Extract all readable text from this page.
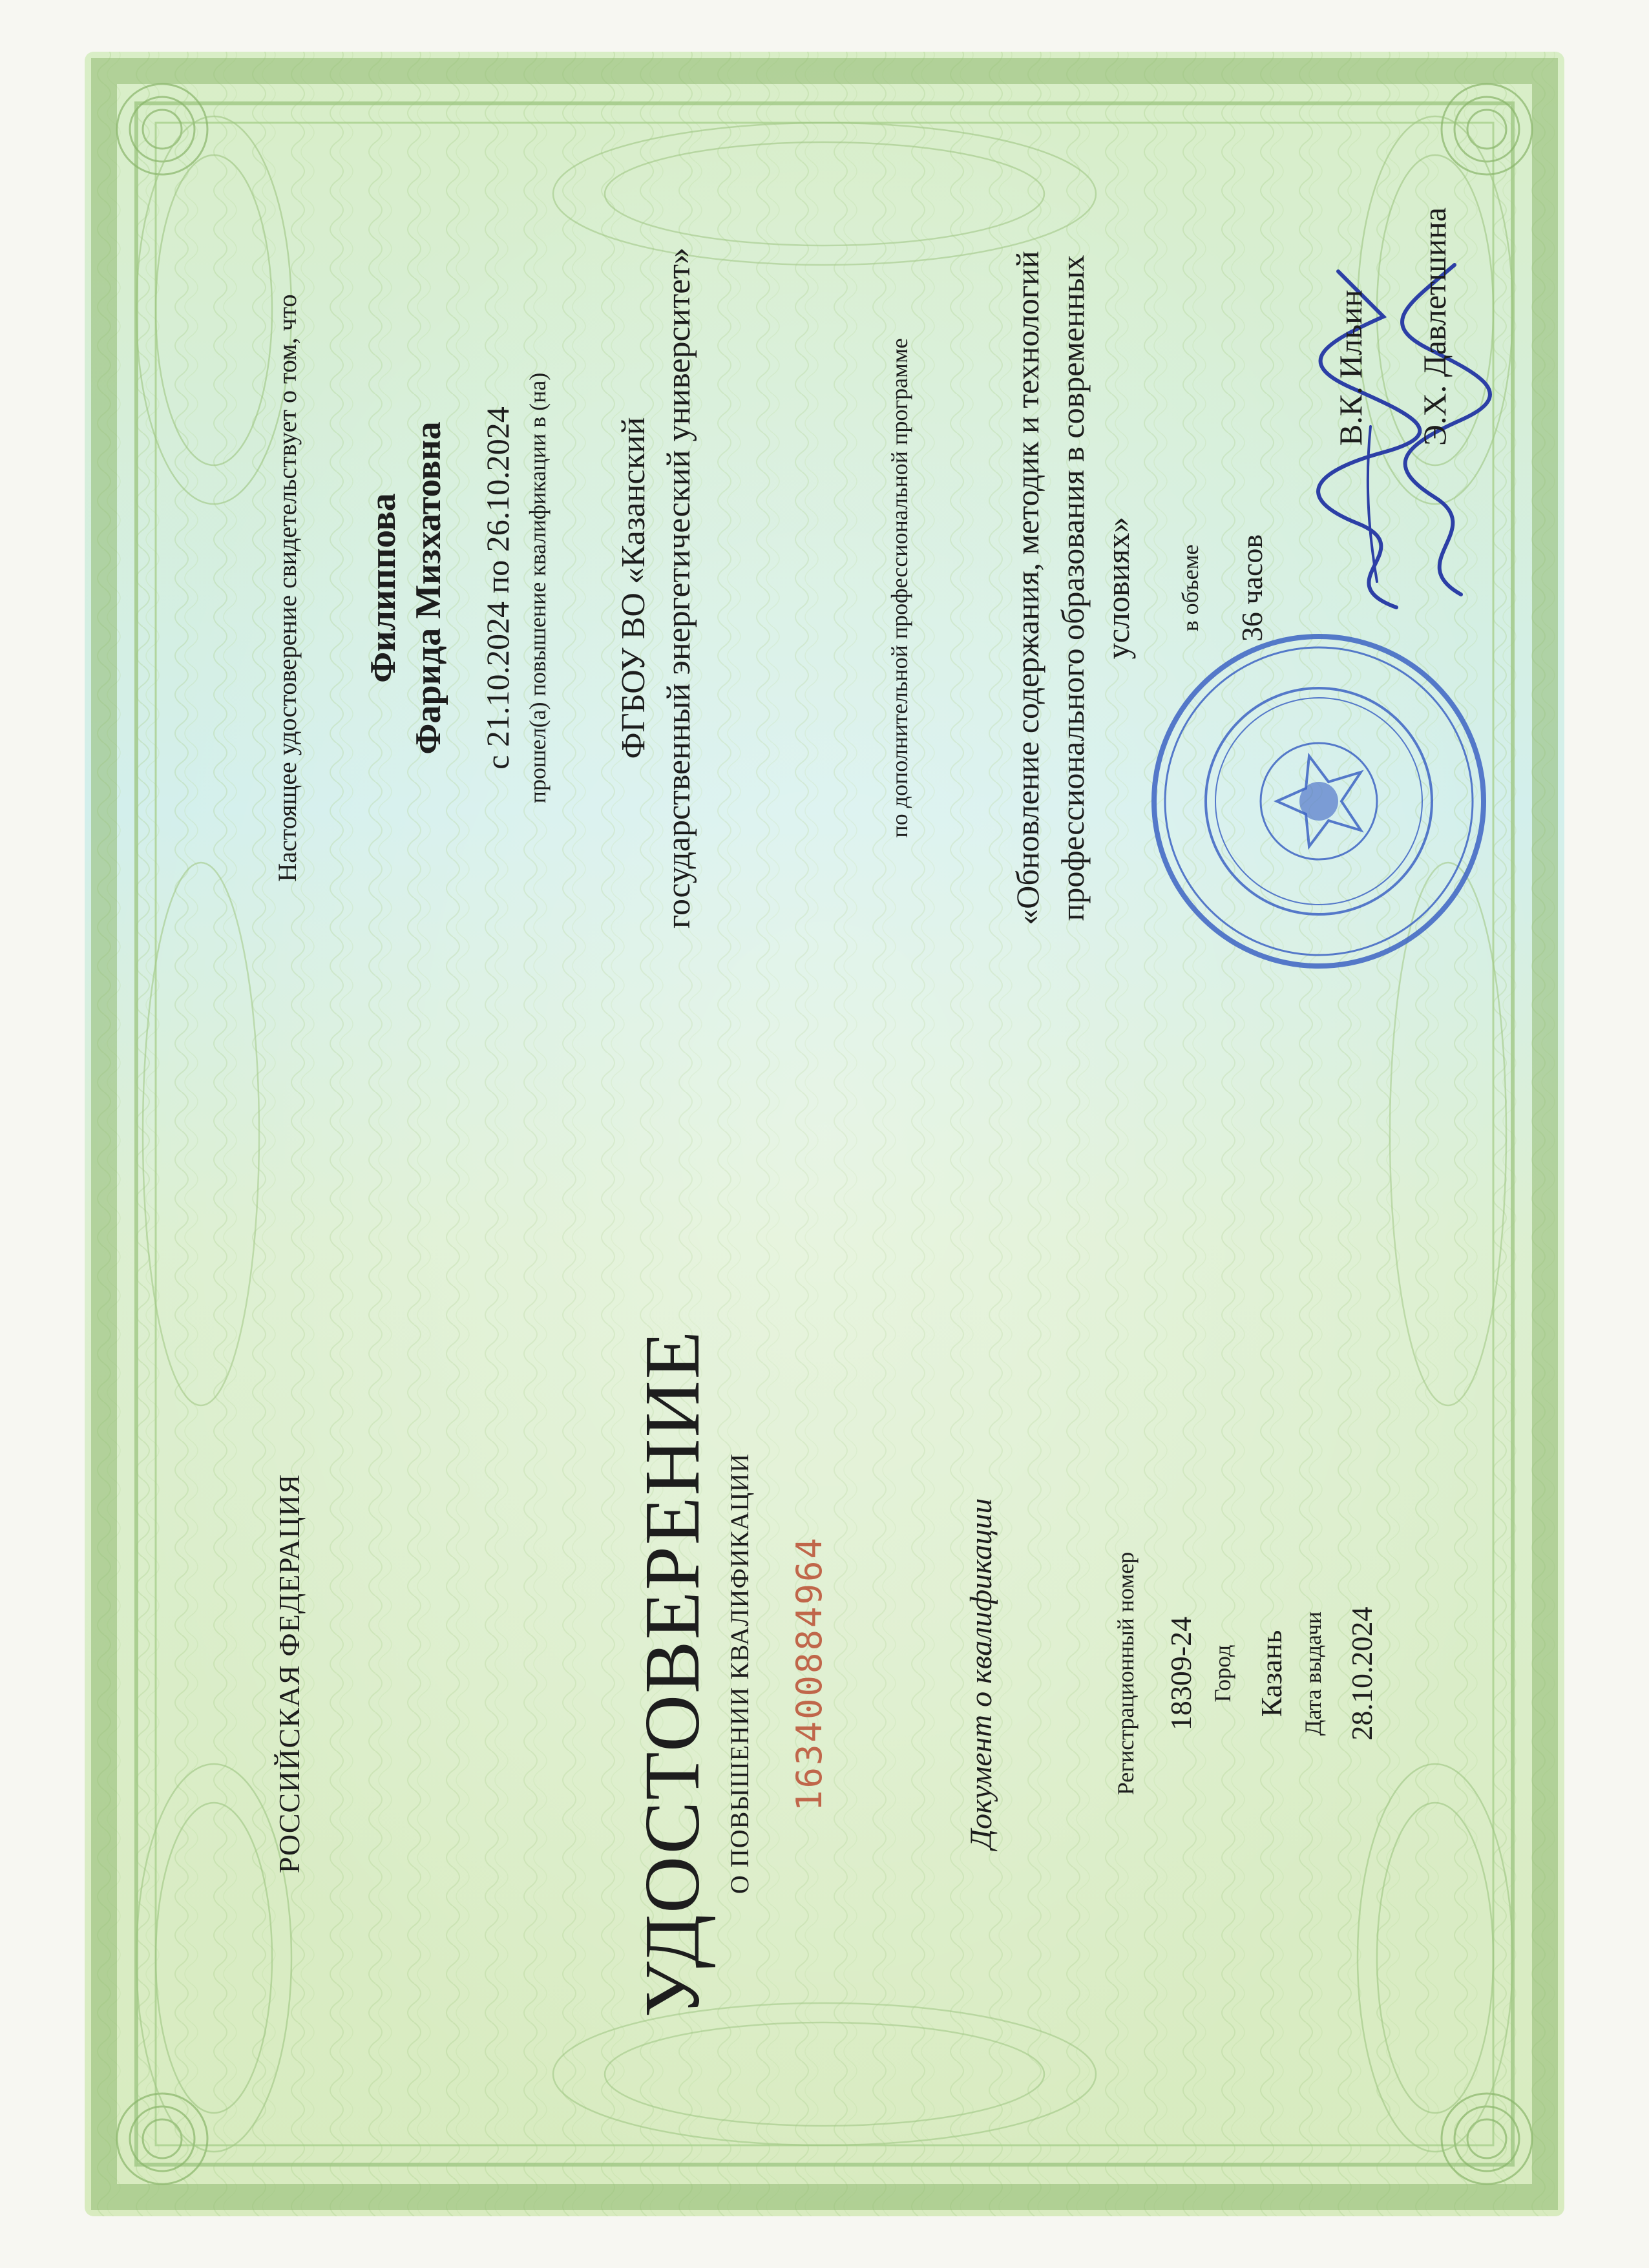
РОССИЙСКАЯ ФЕДЕРАЦИЯ	УДОСТОВЕРЕНИЕ О ПОВЫШЕНИИ КВАЛИФИКАЦИИ 163400884964	Документ о квалификации	Регистрационный номер 18309-24 Город Казань Дата выдачи 28.10.2024
Настоящее удостоверение свидетельствует о том, что Филиппова Фарида Мизхатовна с 21.10.2024 по 26.10.2024 прошел(а) повышение квалификации в (на) ФГБОУ ВО «Казанский государственный энергетический университет»	по дополнительной профессиональной программе	«Обновление содержания, методик и технологий профессионального образования в современных условиях» в объеме 36 часов
В.К. Ильин Э.Х. Давлетшина
